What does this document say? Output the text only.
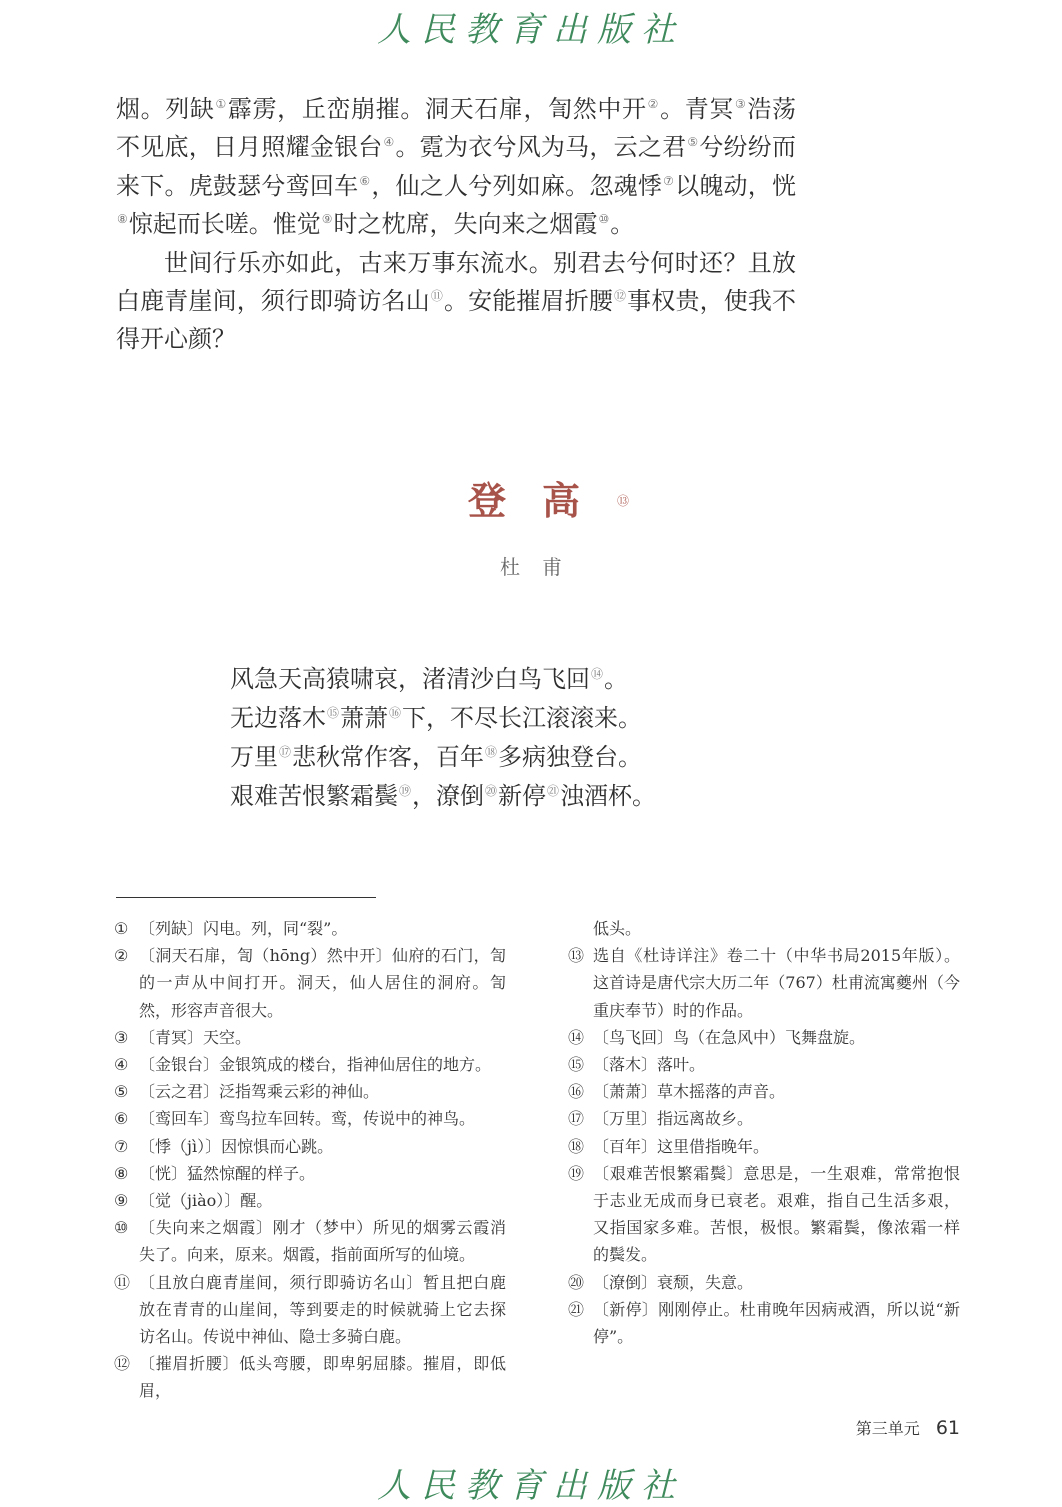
人民教育出版社

烟。列缺①霹雳，丘峦崩摧。洞天石扉，訇然中开②。青冥③浩荡不见底，日月照耀金银台④。霓为衣兮风为马，云之君⑤兮纷纷而来下。虎鼓瑟兮鸾回车⑥，仙之人兮列如麻。忽魂悸⑦以魄动，恍⑧惊起而长嗟。惟觉⑨时之枕席，失向来之烟霞⑩。

世间行乐亦如此，古来万事东流水。别君去兮何时还？且放白鹿青崖间，须行即骑访名山⑪。安能摧眉折腰⑫事权贵，使我不得开心颜？

登高⑬
杜甫
风急天高猿啸哀，渚清沙白鸟飞回⑭。
无边落木⑮萧萧⑯下，不尽长江滚滚来。
万里⑰悲秋常作客，百年⑱多病独登台。
艰难苦恨繁霜鬓⑲，潦倒⑳新停$^㉑$浊酒杯。
① 〔列缺〕闪电。列，同“裂”。
② 〔洞天石扉，訇（hōng）然中开〕仙府的石门，訇的一声从中间打开。洞天，仙人居住的洞府。訇然，形容声音很大。
③ 〔青冥〕天空。
④ 〔金银台〕金银筑成的楼台，指神仙居住的地方。
⑤ 〔云之君〕泛指驾乘云彩的神仙。
⑥ 〔鸾回车〕鸾鸟拉车回转。鸾，传说中的神鸟。
⑦ 〔悸（jì）〕因惊惧而心跳。
⑧ 〔恍〕猛然惊醒的样子。
⑨ 〔觉（jiào）〕醒。
⑩ 〔失向来之烟霞〕刚才（梦中）所见的烟雾云霞消失了。向来，原来。烟霞，指前面所写的仙境。
⑪ 〔且放白鹿青崖间，须行即骑访名山〕暂且把白鹿放在青青的山崖间，等到要走的时候就骑上它去探访名山。传说中神仙、隐士多骑白鹿。
⑫ 〔摧眉折腰〕低头弯腰，即卑躬屈膝。摧眉，即低眉，
低头。
⑬ 选自《杜诗详注》卷二十（中华书局2015年版）。这首诗是唐代宗大历二年（767）杜甫流寓夔州（今重庆奉节）时的作品。
⑭ 〔鸟飞回〕鸟（在急风中）飞舞盘旋。
⑮ 〔落木〕落叶。
⑯ 〔萧萧〕草木摇落的声音。
⑰ 〔万里〕指远离故乡。
⑱ 〔百年〕这里借指晚年。
⑲ 〔艰难苦恨繁霜鬓〕意思是，一生艰难，常常抱恨于志业无成而身已衰老。艰难，指自己生活多艰，又指国家多难。苦恨，极恨。繁霜鬓，像浓霜一样的鬓发。
⑳ 〔潦倒〕衰颓，失意。
㉑ 〔新停〕刚刚停止。杜甫晚年因病戒酒，所以说“新停”。
第三单元 61
人民教育出版社
